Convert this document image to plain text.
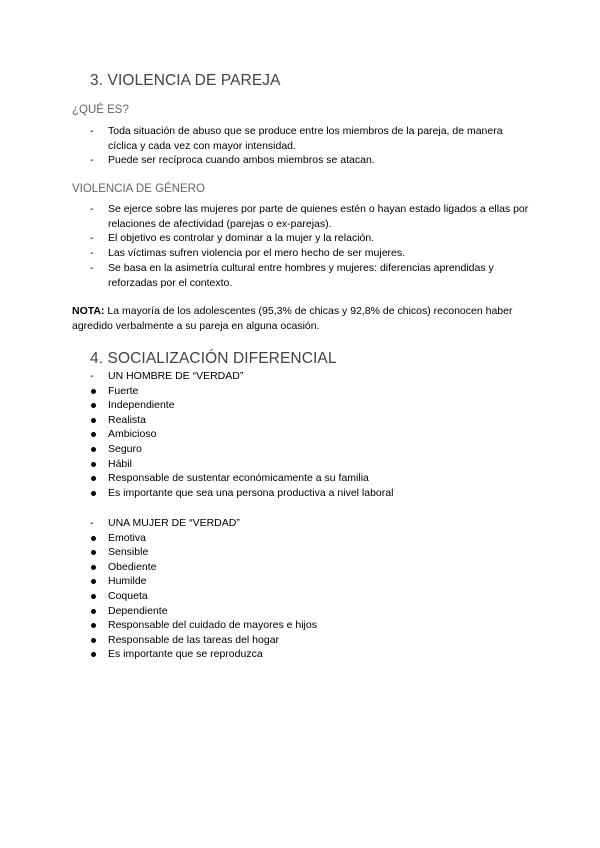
3. VIOLENCIA DE PAREJA
¿QUÉ ES?
- Toda situación de abuso que se produce entre los miembros de la pareja, de manera cíclica y cada vez con mayor intensidad.
- Puede ser recíproca cuando ambos miembros se atacan.
VIOLENCIA DE GÉNERO
- Se ejerce sobre las mujeres por parte de quienes estén o hayan estado ligados a ellas por relaciones de afectividad (parejas o ex-parejas).
- El objetivo es controlar y dominar a la mujer y la relación.
- Las víctimas sufren violencia por el mero hecho de ser mujeres.
- Se basa en la asimetría cultural entre hombres y mujeres: diferencias aprendidas y reforzadas por el contexto.
NOTA: La mayoría de los adolescentes (95,3% de chicas y 92,8% de chicos) reconocen haber agredido verbalmente a su pareja en alguna ocasión.
4. SOCIALIZACIÓN DIFERENCIAL
- UN HOMBRE DE “VERDAD”
Fuerte
Independiente
Realista
Ambicioso
Seguro
Hábil
Responsable de sustentar económicamente a su familia
Es importante que sea una persona productiva a nivel laboral
- UNA MUJER DE “VERDAD”
Emotiva
Sensible
Obediente
Humilde
Coqueta
Dependiente
Responsable del cuidado de mayores e hijos
Responsable de las tareas del hogar
Es importante que se reproduzca
